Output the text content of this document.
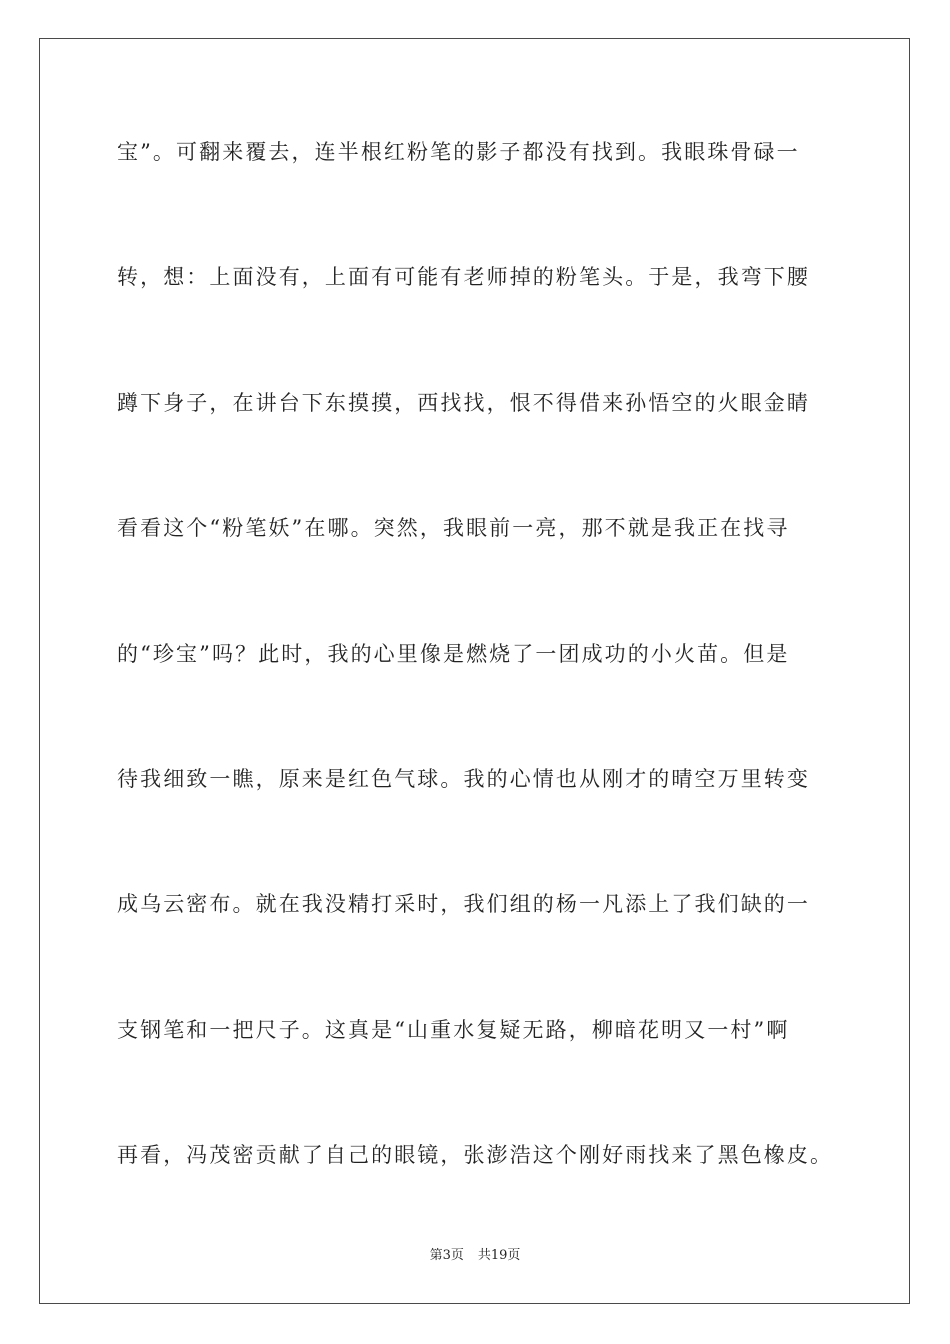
宝”。可翻来覆去，连半根红粉笔的影子都没有找到。我眼珠骨碌一
转，想：上面没有，上面有可能有老师掉的粉笔头。于是，我弯下腰
蹲下身子，在讲台下东摸摸，西找找，恨不得借来孙悟空的火眼金睛
看看这个“粉笔妖”在哪。突然，我眼前一亮，那不就是我正在找寻
的“珍宝”吗？此时，我的心里像是燃烧了一团成功的小火苗。但是
待我细致一瞧，原来是红色气球。我的心情也从刚才的晴空万里转变
成乌云密布。就在我没精打采时，我们组的杨一凡添上了我们缺的一
支钢笔和一把尺子。这真是“山重水复疑无路，柳暗花明又一村”啊
再看，冯茂密贡献了自己的眼镜，张澎浩这个刚好雨找来了黑色橡皮。
第3页 共19页
